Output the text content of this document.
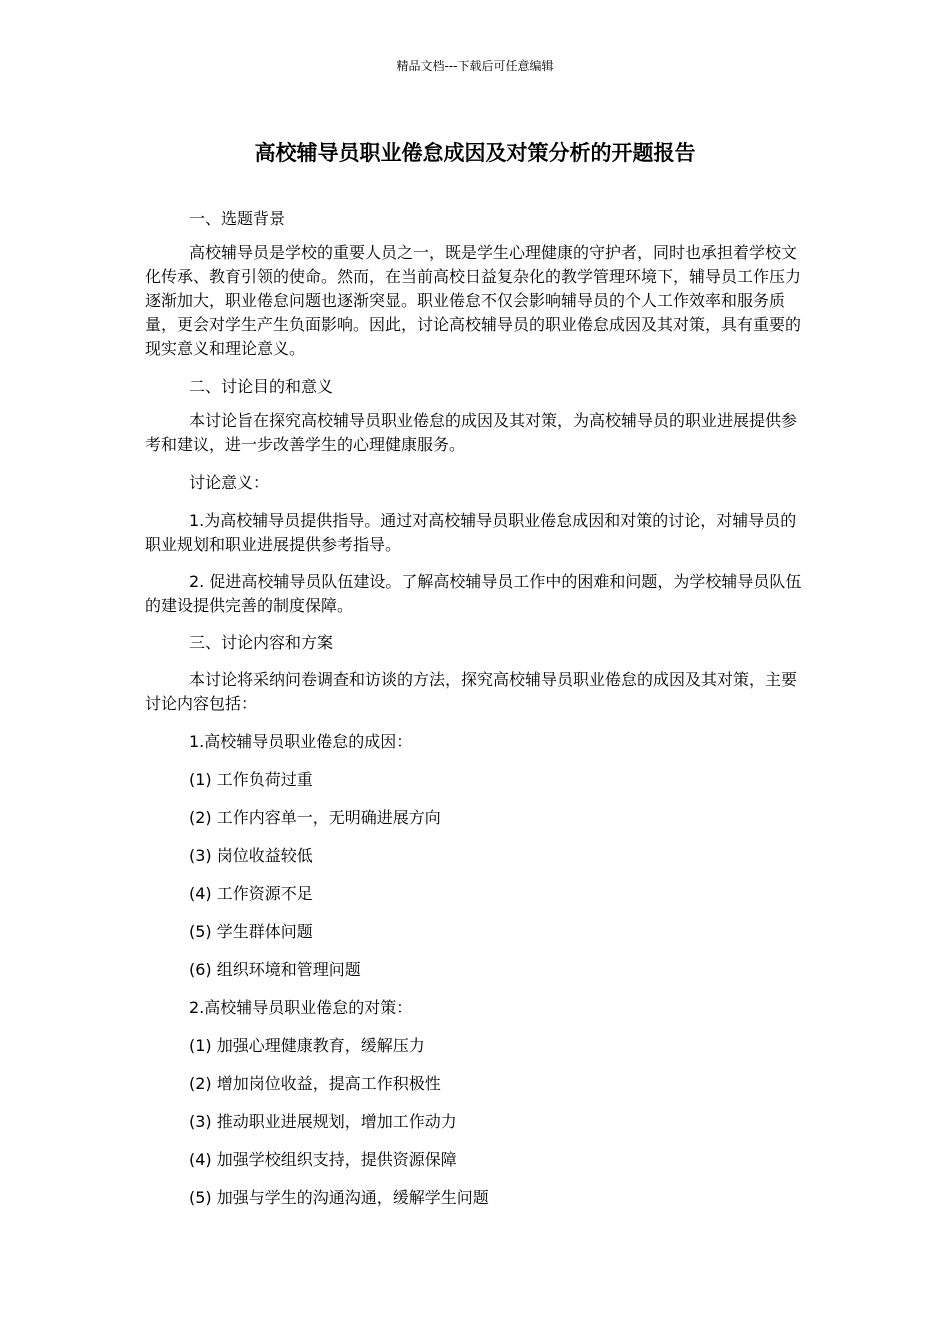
精品文档---下载后可任意编辑
高校辅导员职业倦怠成因及对策分析的开题报告

一、选题背景

高校辅导员是学校的重要人员之一，既是学生心理健康的守护者，同时也承担着学校文化传承、教育引领的使命。然而，在当前高校日益复杂化的教学管理环境下，辅导员工作压力逐渐加大，职业倦怠问题也逐渐突显。职业倦怠不仅会影响辅导员的个人工作效率和服务质量，更会对学生产生负面影响。因此，讨论高校辅导员的职业倦怠成因及其对策，具有重要的现实意义和理论意义。

二、讨论目的和意义

本讨论旨在探究高校辅导员职业倦怠的成因及其对策，为高校辅导员的职业进展提供参考和建议，进一步改善学生的心理健康服务。

讨论意义：

1.为高校辅导员提供指导。通过对高校辅导员职业倦怠成因和对策的讨论，对辅导员的职业规划和职业进展提供参考指导。

2. 促进高校辅导员队伍建设。了解高校辅导员工作中的困难和问题，为学校辅导员队伍的建设提供完善的制度保障。

三、讨论内容和方案

本讨论将采纳问卷调查和访谈的方法，探究高校辅导员职业倦怠的成因及其对策，主要讨论内容包括：

1.高校辅导员职业倦怠的成因：

(1) 工作负荷过重

(2) 工作内容单一，无明确进展方向

(3) 岗位收益较低

(4) 工作资源不足

(5) 学生群体问题

(6) 组织环境和管理问题

2.高校辅导员职业倦怠的对策：

(1) 加强心理健康教育，缓解压力

(2) 增加岗位收益，提高工作积极性

(3) 推动职业进展规划，增加工作动力

(4) 加强学校组织支持，提供资源保障

(5) 加强与学生的沟通沟通，缓解学生问题
